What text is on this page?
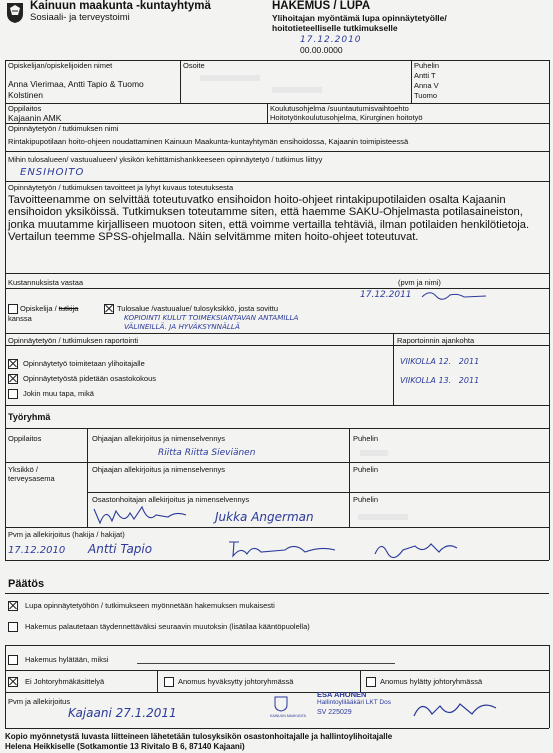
Kainuun maakunta -kuntayhtymä
Sosiaali- ja terveystoimi
HAKEMUS / LUPA
Ylihoitajan myöntämä lupa opinnäytetyölle/
hoitotieteelliselle tutkimukselle
17.12.2010
00.00.0000
Opiskelijan/opiskelijoiden nimet
Anna Vierimaa, Antti Tapio & Tuomo
Kolstinen
Osoite	Puhelin
Antti T
Anna V
Tuomo
Oppilaitos
Kajaanin AMK
Koulutusohjelma /suuntautumisvaihtoehto
Hoitotyönkoulutusohjelma, Kirurginen hoitotyö
Opinnäytetyön / tutkimuksen nimi
Rintakipupotilaan hoito-ohjeen noudattaminen Kainuun Maakunta-kuntayhtymän ensihoidossa, Kajaanin toimipisteessä
Mihin tulosalueen/ vastuualueen/ yksikön kehittämishankkeeseen opinnäytetyö / tutkimus liittyy
ENSIHOITO
Opinnäytetyön / tutkimuksen tavoitteet ja lyhyt kuvaus toteutuksesta
Tavoitteenamme on selvittää toteutuvatko ensihoidon hoito-ohjeet rintakipupotilaiden osalta Kajaanin ensihoidon yksiköissä. Tutkimuksen toteutamme siten, että haemme SAKU-Ohjelmasta potilasaineiston, jonka muutamme kirjalliseen muotoon siten, että voimme vertailla tehtäviä, ilman potilaiden henkilötietoja. Vertailun teemme SPSS-ohjelmalla. Näin selvitämme miten hoito-ohjeet toteutuvat.
Kustannuksista vastaa	(pvm ja nimi)
17.12.2011
Opiskelija / tutkija
kanssa
Tulosalue /vastuualue/ tulosyksikkö, josta sovittu
KOPIOINTI KULUT TOIMEKSIANTAVAN ANTAMILLA
VÄLINEILLÄ. JA HYVÄKSYNNÄLLÄ
Opinnäytetyön / tutkimuksen raportointi	Raportoinnin ajankohta
Opinnäytetyö toimitetaan ylihoitajalle
Opinnäytetyöstä pidetään osastokokous
Jokin muu tapa, mikä
VIIKOLLA 12.   2011
VIIKOLLA 13.   2011
Työryhmä
Oppilaitos	Ohjaajan allekirjoitus ja nimenselvennys	Puhelin
Riitta Riitta Sieviänen
Yksikkö / terveysasema
Ohjaajan allekirjoitus ja nimenselvennys	Puhelin
Osastonhoitajan allekirjoitus ja nimenselvennys	Puhelin
Jukka Angerman
Pvm ja allekirjoitus (hakija / hakijat)
17.12.2010 Antti Tapio
Päätös
Lupa opinnäytetyöhön / tutkimukseen myönnetään hakemuksen mukaisesti
Hakemus palautetaan täydennettäväksi seuraavin muutoksin (lisätilaa kääntöpuolella)
Hakemus hylätään, miksi
Ei Johtoryhmäkäsittelyä	Anomus hyväksytty johtoryhmässä	Anomus hylätty johtoryhmässä
Pvm ja allekirjoitus
Kajaani 27.1.2011	KAINUUN MAAKUNTA
ESA AHONEN
Hallintoylilääkäri LKT Dos
SV 225029
Kopio myönnetystä luvasta liitteineen lähetetään tulosyksikön osastonhoitajalle ja hallintoylihoitajalle
Helena Heikkiselle (Sotkamontie 13 Rivitalo B 6, 87140 Kajaani)
